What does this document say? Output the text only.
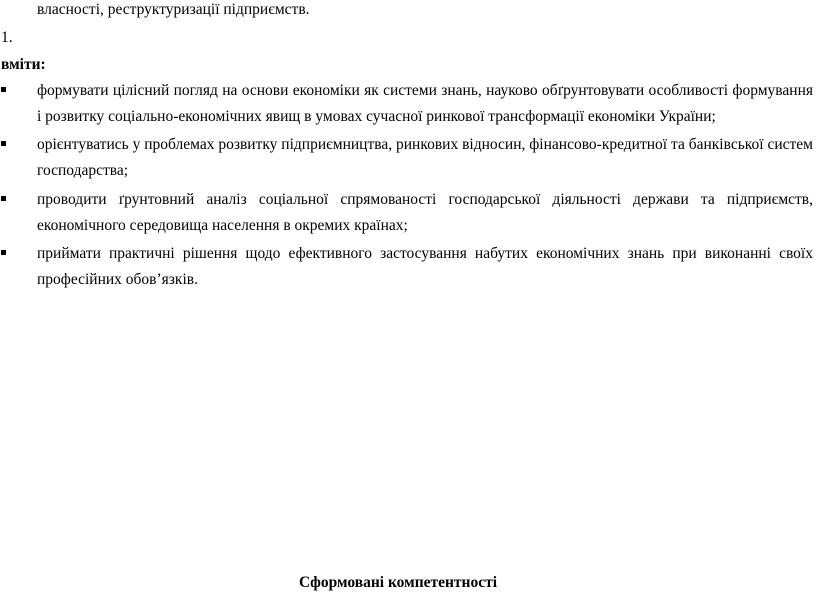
власності, реструктуризації підприємств.
1.
вміти:
формувати цілісний погляд на основи економіки як системи знань, науково обґрунтовувати особливості формування
і розвитку соціально-економічних явищ в умовах сучасної ринкової трансформації економіки України;
орієнтуватись у проблемах розвитку підприємництва, ринкових відносин, фінансово-кредитної та банківської систем
господарства;
проводити ґрунтовний аналіз соціальної спрямованості господарської діяльності держави та підприємств,
економічного середовища населення в окремих країнах;
приймати практичні рішення щодо ефективного застосування набутих економічних знань при виконанні своїх
професійних обов’язків.
Сформовані компетентності
